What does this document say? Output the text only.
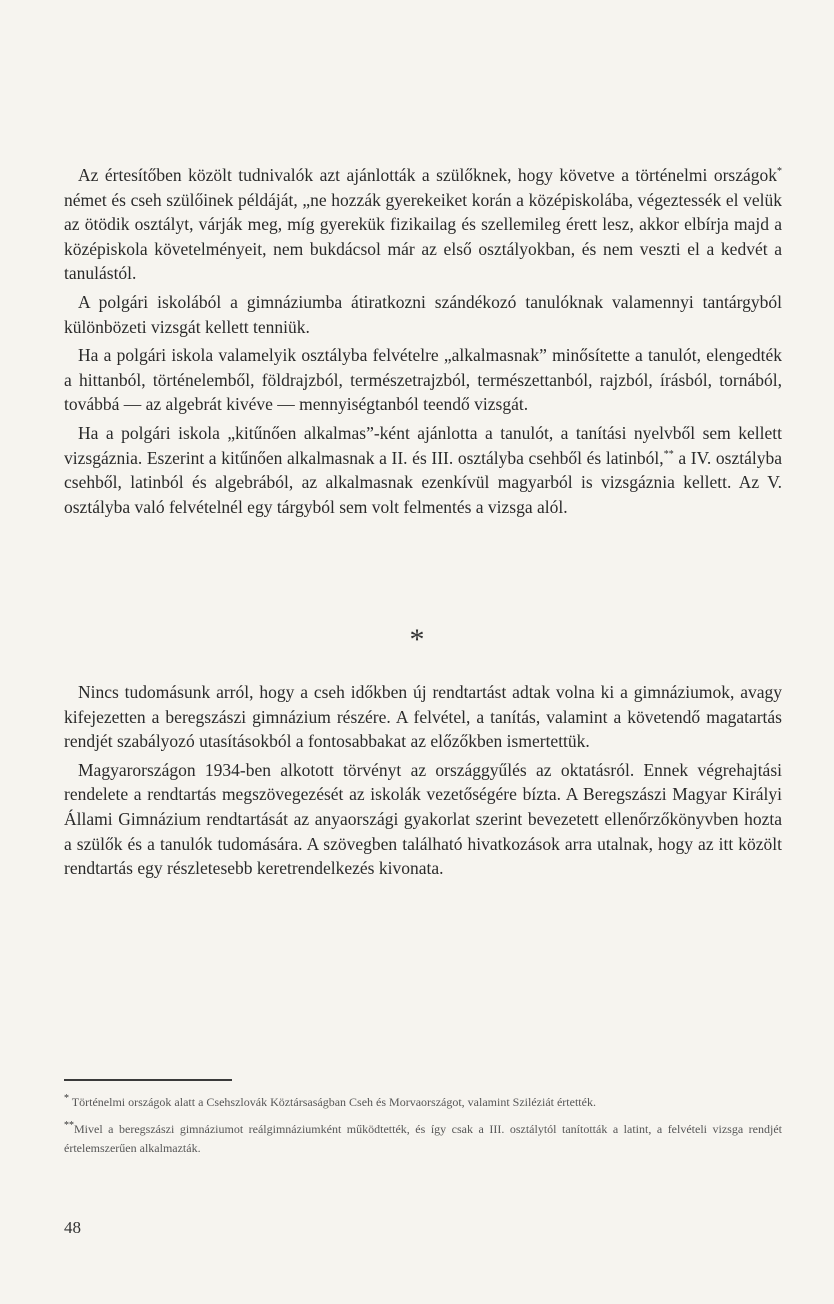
Az értesítőben közölt tudnivalók azt ajánlották a szülőknek, hogy követve a történelmi országok* német és cseh szülőinek példáját, „ne hozzák gyerekeiket korán a középiskolába, végeztessék el velük az ötödik osztályt, várják meg, míg gyerekük fizikailag és szellemileg érett lesz, akkor elbírja majd a középiskola követelményeit, nem bukdácsol már az első osztályokban, és nem veszti el a kedvét a tanulástól.

A polgári iskolából a gimnáziumba átiratkozni szándékozó tanulóknak valamennyi tantárgyból különbözeti vizsgát kellett tenniük.

Ha a polgári iskola valamelyik osztályba felvételre „alkalmasnak” minősítette a tanulót, elengedték a hittanból, történelemből, földrajzból, természetrajzból, természettanból, rajzból, írásból, tornából, továbbá — az algebrát kivéve — mennyiségtanból teendő vizsgát.

Ha a polgári iskola „kitűnően alkalmas”-ként ajánlotta a tanulót, a tanítási nyelvből sem kellett vizsgáznia. Eszerint a kitűnően alkalmasnak a II. és III. osztályba csehből és latinból,** a IV. osztályba csehből, latinból és algebrából, az alkalmasnak ezenkívül magyarból is vizsgáznia kellett. Az V. osztályba való felvételnél egy tárgyból sem volt felmentés a vizsga alól.

*

Nincs tudomásunk arról, hogy a cseh időkben új rendtartást adtak volna ki a gimnáziumok, avagy kifejezetten a beregszászi gimnázium részére. A felvétel, a tanítás, valamint a követendő magatartás rendjét szabályozó utasításokból a fontosabbakat az előzőkben ismertettük.

Magyarországon 1934-ben alkotott törvényt az országgyűlés az oktatásról. Ennek végrehajtási rendelete a rendtartás megszövegezését az iskolák vezetőségére bízta. A Beregszászi Magyar Királyi Állami Gimnázium rendtartását az anyaországi gyakorlat szerint bevezetett ellenőrzőkönyvben hozta a szülők és a tanulók tudomására. A szövegben található hivatkozások arra utalnak, hogy az itt közölt rendtartás egy részletesebb keretrendelkezés kivonata.

* Történelmi országok alatt a Csehszlovák Köztársaságban Cseh és Morvaországot, valamint Sziléziát értették.

**Mivel a beregszászi gimnáziumot reálgimnáziumként működtették, és így csak a III. osztálytól tanították a latint, a felvételi vizsga rendjét értelemszerűen alkalmazták.

48
